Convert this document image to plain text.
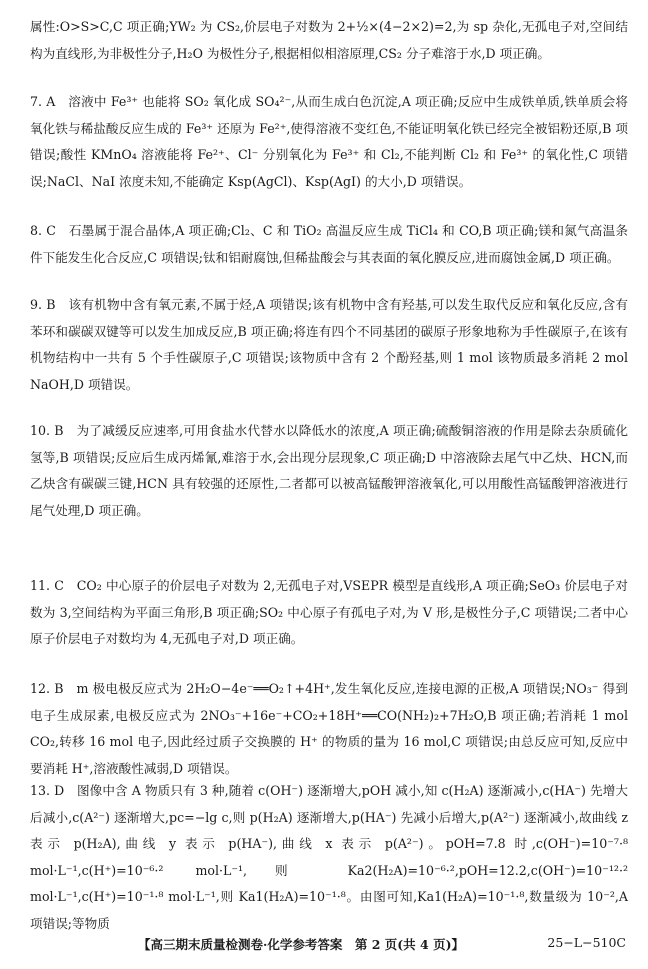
属性:O>S>C,C 项正确;YW₂ 为 CS₂,价层电子对数为 2+½×(4−2×2)=2,为 sp 杂化,无孤电子对,空间结构为直线形,为非极性分子,H₂O 为极性分子,根据相似相溶原理,CS₂ 分子难溶于水,D 项正确。

7. A　溶液中 Fe³⁺ 也能将 SO₂ 氧化成 SO₄²⁻,从而生成白色沉淀,A 项正确;反应中生成铁单质,铁单质会将氧化铁与稀盐酸反应生成的 Fe³⁺ 还原为 Fe²⁺,使得溶液不变红色,不能证明氧化铁已经完全被铝粉还原,B 项错误;酸性 KMnO₄ 溶液能将 Fe²⁺、Cl⁻ 分别氧化为 Fe³⁺ 和 Cl₂,不能判断 Cl₂ 和 Fe³⁺ 的氧化性,C 项错误;NaCl、NaI 浓度未知,不能确定 Ksp(AgCl)、Ksp(AgI) 的大小,D 项错误。

8. C　石墨属于混合晶体,A 项正确;Cl₂、C 和 TiO₂ 高温反应生成 TiCl₄ 和 CO,B 项正确;镁和氮气高温条件下能发生化合反应,C 项错误;钛和铝耐腐蚀,但稀盐酸会与其表面的氧化膜反应,进而腐蚀金属,D 项正确。

9. B　该有机物中含有氧元素,不属于烃,A 项错误;该有机物中含有羟基,可以发生取代反应和氧化反应,含有苯环和碳碳双键等可以发生加成反应,B 项正确;将连有四个不同基团的碳原子形象地称为手性碳原子,在该有机物结构中一共有 5 个手性碳原子,C 项错误;该物质中含有 2 个酚羟基,则 1 mol 该物质最多消耗 2 mol NaOH,D 项错误。

10. B　为了减缓反应速率,可用食盐水代替水以降低水的浓度,A 项正确;硫酸铜溶液的作用是除去杂质硫化氢等,B 项错误;反应后生成丙烯氰,难溶于水,会出现分层现象,C 项正确;D 中溶液除去尾气中乙炔、HCN,而乙炔含有碳碳三键,HCN 具有较强的还原性,二者都可以被高锰酸钾溶液氧化,可以用酸性高锰酸钾溶液进行尾气处理,D 项正确。

11. C　CO₂ 中心原子的价层电子对数为 2,无孤电子对,VSEPR 模型是直线形,A 项正确;SeO₃ 价层电子对数为 3,空间结构为平面三角形,B 项正确;SO₂ 中心原子有孤电子对,为 V 形,是极性分子,C 项错误;二者中心原子价层电子对数均为 4,无孤电子对,D 项正确。

12. B　m 极电极反应式为 2H₂O−4e⁻══O₂↑+4H⁺,发生氧化反应,连接电源的正极,A 项错误;NO₃⁻ 得到电子生成尿素,电极反应式为 2NO₃⁻+16e⁻+CO₂+18H⁺══CO(NH₂)₂+7H₂O,B 项正确;若消耗 1 mol CO₂,转移 16 mol 电子,因此经过质子交换膜的 H⁺ 的物质的量为 16 mol,C 项错误;由总反应可知,反应中要消耗 H⁺,溶液酸性减弱,D 项错误。

13. D　图像中含 A 物质只有 3 种,随着 c(OH⁻) 逐渐增大,pOH 减小,知 c(H₂A) 逐渐减小,c(HA⁻) 先增大后减小,c(A²⁻) 逐渐增大,pc=−lg c,则 p(H₂A) 逐渐增大,p(HA⁻) 先减小后增大,p(A²⁻) 逐渐减小,故曲线 z 表示 p(H₂A),曲线 y 表示 p(HA⁻),曲线 x 表示 p(A²⁻)。pOH=7.8 时,c(OH⁻)=10⁻⁷·⁸ mol·L⁻¹,c(H⁺)=10⁻⁶·² mol·L⁻¹,则 Ka2(H₂A)=10⁻⁶·²,pOH=12.2,c(OH⁻)=10⁻¹²·² mol·L⁻¹,c(H⁺)=10⁻¹·⁸ mol·L⁻¹,则 Ka1(H₂A)=10⁻¹·⁸。由图可知,Ka1(H₂A)=10⁻¹·⁸,数量级为 10⁻²,A 项错误;等物质

【高三期末质量检测卷·化学参考答案　第 2 页(共 4 页)】	25−L−510C
